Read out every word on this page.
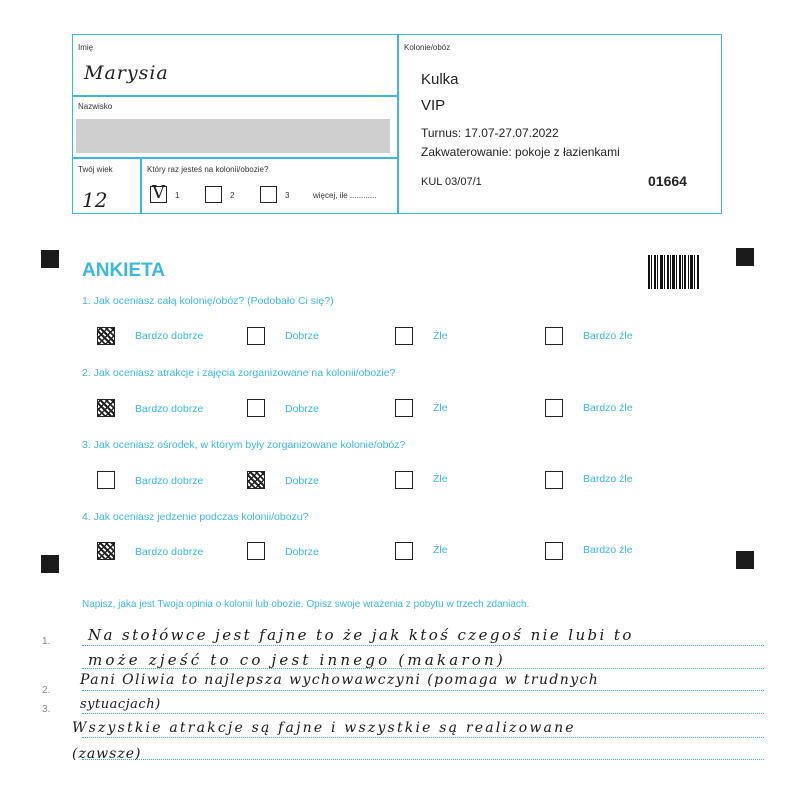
Imię
Marysia
Nazwisko
Twój wiek
12
Który raz jesteś na kolonii/obozie?
V 1	2	3	więcej, ile ............
Kolonie/obóz
Kulka
VIP
Turnus: 17.07-27.07.2022
Zakwaterowanie: pokoje z łazienkami
KUL 03/07/1	01664
ANKIETA
1. Jak oceniasz całą kolonię/obóz? (Podobało Ci się?)
Bardzo dobrze	Dobrze	Źle	Bardzo źle
2. Jak oceniasz atrakcje i zajęcia zorganizowane na kolonii/obozie?
Bardzo dobrze	Dobrze	Źle	Bardzo źle
3. Jak oceniasz ośrodek, w którym były zorganizowane kolonie/obóz?
Bardzo dobrze	Dobrze	Źle	Bardzo źle
4. Jak oceniasz jedzenie podczas kolonii/obozu?
Bardzo dobrze	Dobrze	Źle	Bardzo źle
Napisz, jaka jest Twoja opinia o kolonii lub obozie. Opisz swoje wrażenia z pobytu w trzech zdaniach.
1.
2.
3.
Na stołówce jest fajne to że jak ktoś czegoś nie lubi to
może zjeść to co jest innego (makaron)
Pani Oliwia to najlepsza wychowawczyni (pomaga w trudnych
sytuacjach)
Wszystkie atrakcje są fajne i wszystkie są realizowane
(zawsze)
